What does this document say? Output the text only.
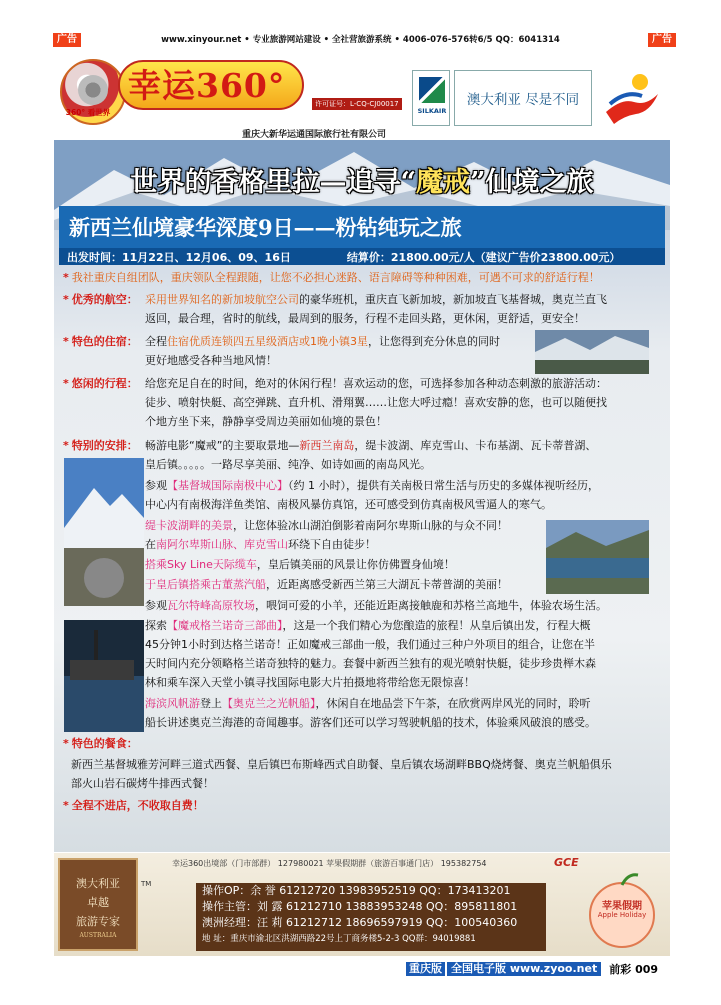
广告	www.xinyour.net • 专业旅游网站建设 • 全社营旅游系统 • 4006-076-576转6/5 QQ：6041314	广告
360° 看世界
幸运360°	许可证号：L-CQ-CJ00017
重庆大新华运通国际旅行社有限公司
SILKAIR
澳大利亚 尽是不同
世界的香格里拉—追寻“魔戒”仙境之旅
新西兰仙境豪华深度9日——粉钻纯玩之旅
出发时间：11月22日、12月06、09、16日	结算价：21800.00元/人（建议广告价23800.00元）
* 我社重庆自组团队，重庆领队全程跟随，让您不必担心迷路、语言障碍等种种困难，可遇不可求的舒适行程！
* 优秀的航空： 采用世界知名的新加坡航空公司的豪华班机，重庆直飞新加坡，新加坡直飞基督城，奥克兰直飞
返回，最合理，省时的航线，最周到的服务，行程不走回头路，更休闲，更舒适，更安全！
* 特色的住宿： 全程住宿优质连锁四五星级酒店或1晚小镇3星，让您得到充分休息的同时
更好地感受各种当地风情！
* 悠闲的行程： 给您充足自在的时间，绝对的休闲行程！喜欢运动的您，可选择参加各种动态刺激的旅游活动：
徒步、喷射快艇、高空弹跳、直升机、滑翔翼……让您大呼过瘾！喜欢安静的您，也可以随便找
个地方坐下来，静静享受周边美丽如仙境的景色！
* 特别的安排： 畅游电影“魔戒”的主要取景地—新西兰南岛，缇卡波湖、库克雪山、卡布基湖、瓦卡蒂普湖、
皇后镇。。。。。一路尽享美丽、纯净、如诗如画的南岛风光。
参观【基督城国际南极中心】（约 1 小时），提供有关南极日常生活与历史的多媒体视听经历，
中心内有南极海洋鱼类馆、南极风暴仿真馆，还可感受到仿真南极风雪逼人的寒气。
缇卡波湖畔的美景，让您体验冰山湖泊倒影着南阿尔卑斯山脉的与众不同！
在南阿尔卑斯山脉、库克雪山环绕下自由徒步！
搭乘Sky Line天际缆车，皇后镇美丽的风景让你仿佛置身仙境！
于皇后镇搭乘古董蒸汽船，近距离感受新西兰第三大湖瓦卡蒂普湖的美丽！
参观瓦尔特峰高原牧场，喂饲可爱的小羊，还能近距离接触鹿和苏格兰高地牛，体验农场生活。
探索【魔戒格兰诺奇三部曲】，这是一个我们精心为您酿造的旅程！从皇后镇出发，行程大概
45分钟1小时到达格兰诺奇！正如魔戒三部曲一般，我们通过三种户外项目的组合，让您在半
天时间内充分领略格兰诺奇独特的魅力。套餐中新西兰独有的观光喷射快艇，徒步珍贵榉木森
林和乘车深入天堂小镇寻找国际电影大片拍摄地将带给您无限惊喜！
海滨风帆游登上【奥克兰之光帆船】，休闲自在地品尝下午茶，在欣赏两岸风光的同时，聆听
船长讲述奥克兰海港的奇闻趣事。游客们还可以学习驾驶帆船的技术，体验乘风破浪的感受。
* 特色的餐食：
新西兰基督城雅芳河畔三道式西餐、皇后镇巴布斯峰西式自助餐、皇后镇农场湖畔BBQ烧烤餐、奥克兰帆船俱乐
部火山岩石碳烤牛排西式餐！
* 全程不进店，不收取自费！
澳大利亚
卓越
旅游专家
AUSTRALIA
TM
幸运360出境部（门市部群） 127980021 苹果假期群（旅游百事通门店） 195382754	GCE
操作OP：余 誉 61212720 13983952519 QQ：173413201
操作主管：刘 露 61212710 13883953248 QQ：895811801
澳洲经理：汪 莉 61212712 18696597919 QQ：100540360
地 址：重庆市渝北区洪湖西路22号上丁商务楼5-2-3 QQ群：94019881
苹果假期
Apple Holiday
重庆版 全国电子版 www.zyoo.net	前彩 009
